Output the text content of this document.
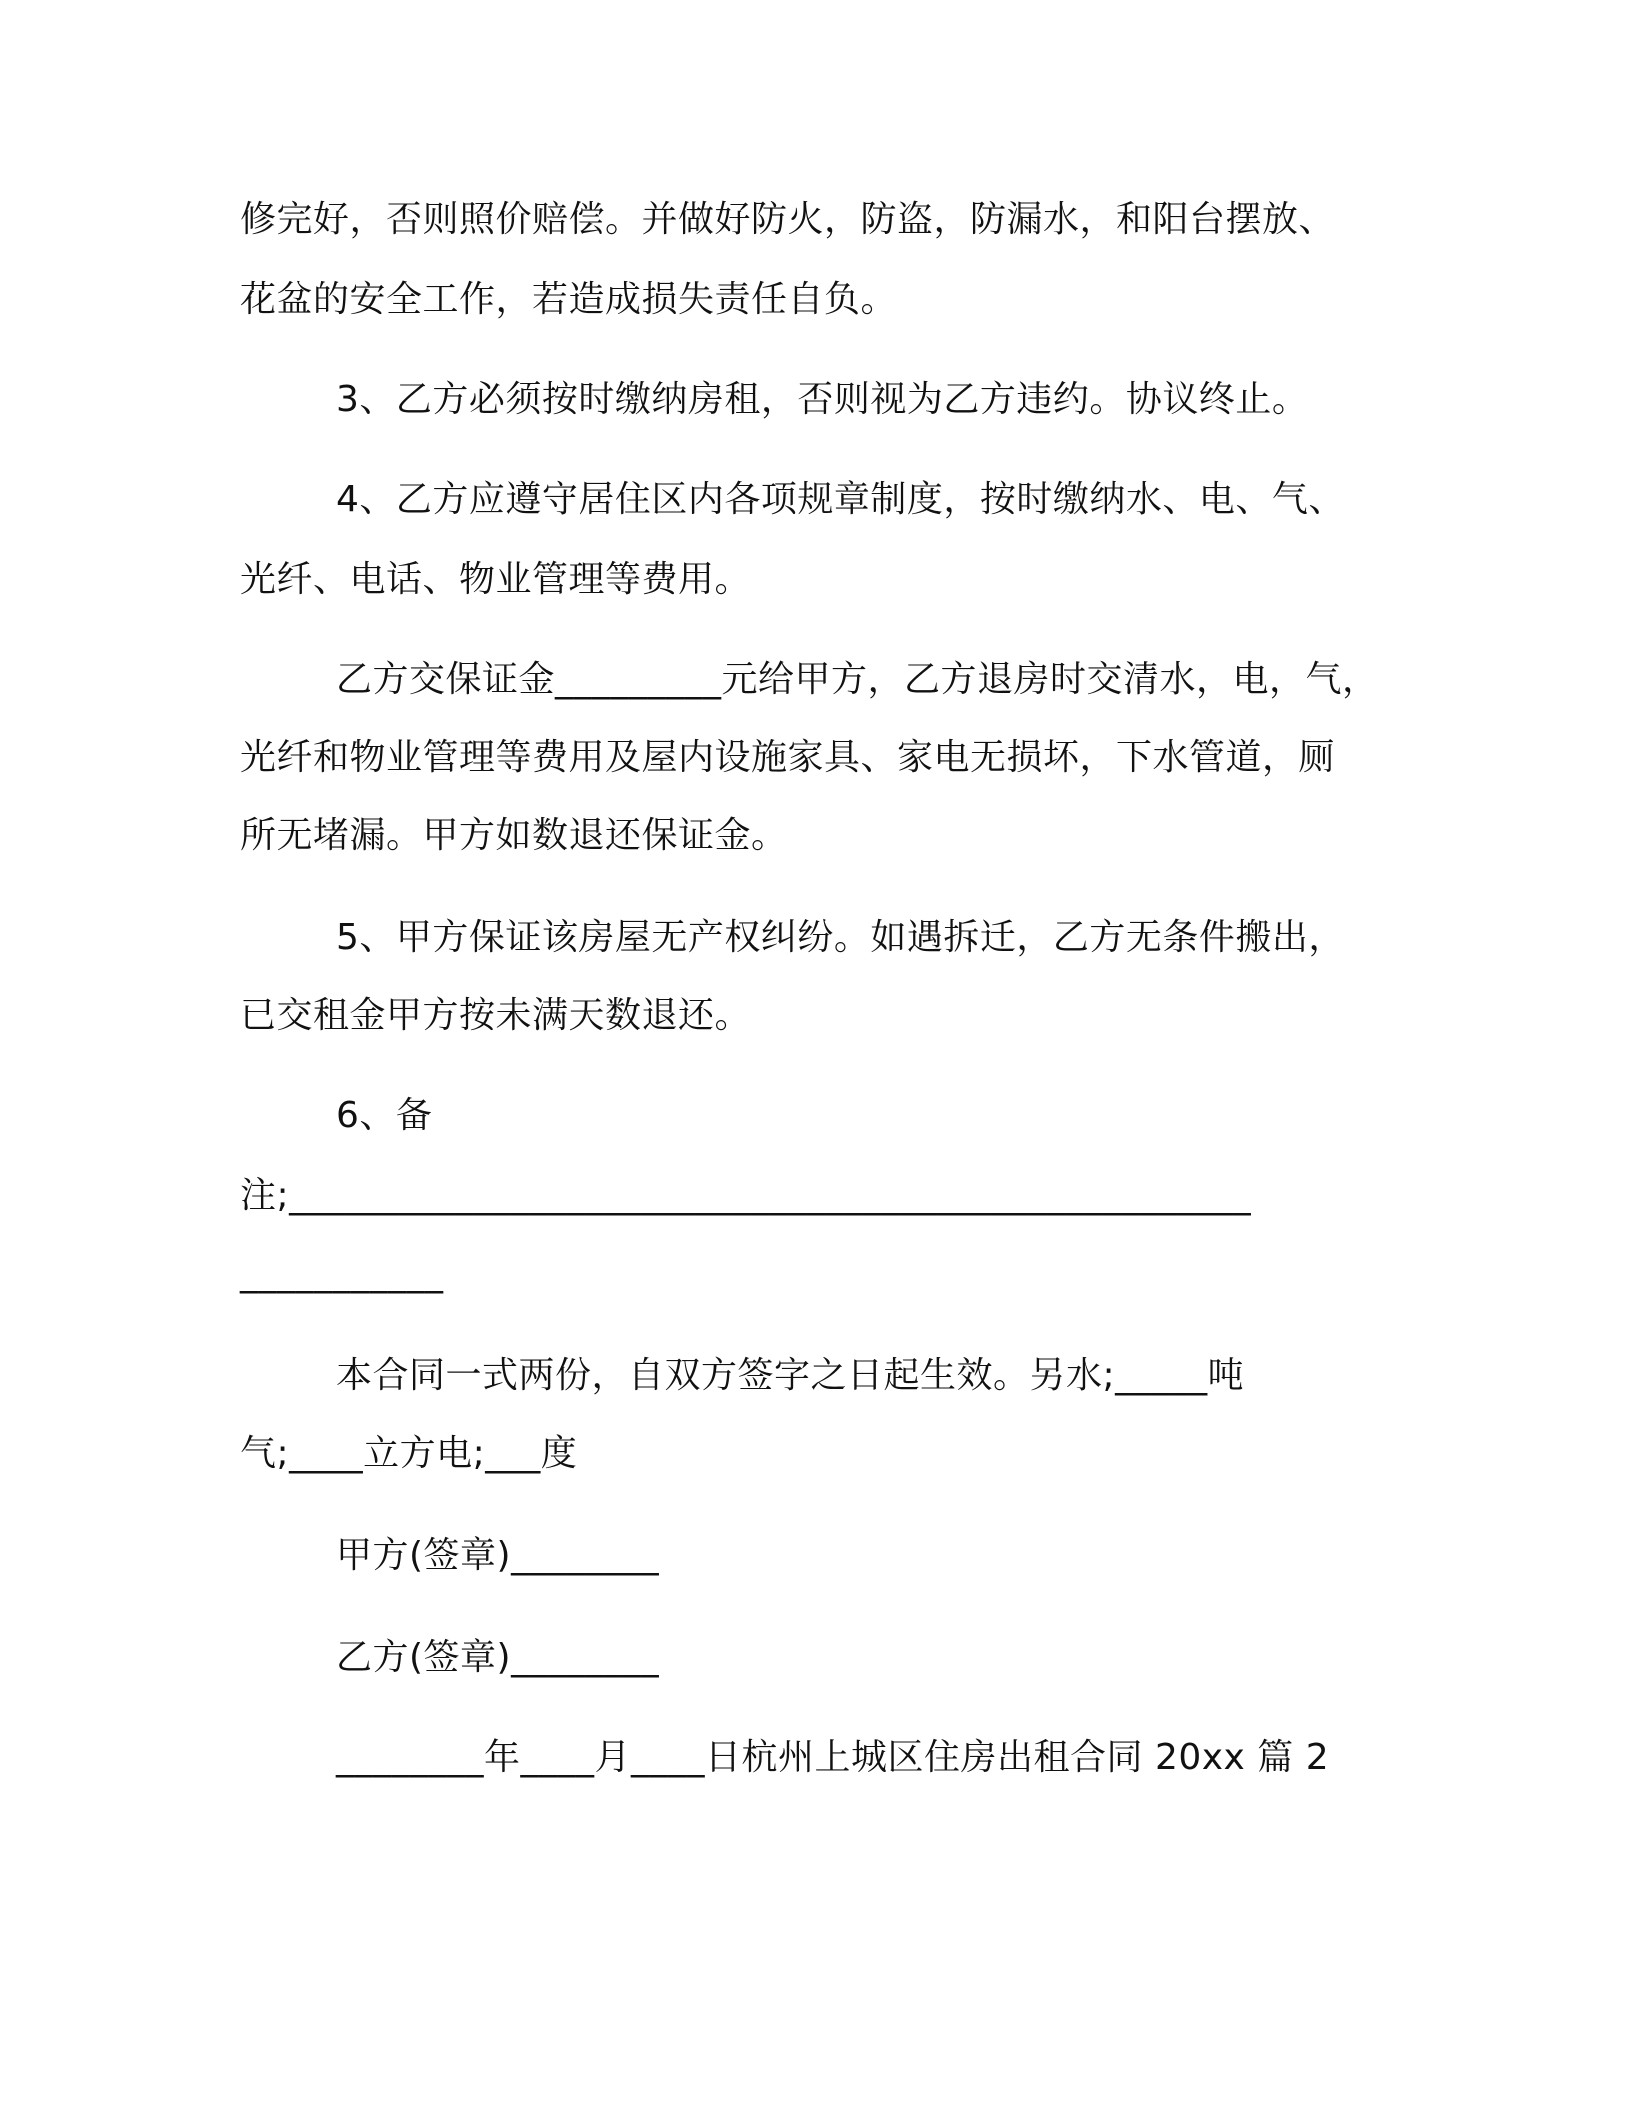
修完好，否则照价赔偿。并做好防火，防盗，防漏水，和阳台摆放、
花盆的安全工作，若造成损失责任自负。
3、乙方必须按时缴纳房租，否则视为乙方违约。协议终止。
4、乙方应遵守居住区内各项规章制度，按时缴纳水、电、气、
光纤、电话、物业管理等费用。
乙方交保证金_________元给甲方，乙方退房时交清水，电，气，
光纤和物业管理等费用及屋内设施家具、家电无损坏，下水管道，厕
所无堵漏。甲方如数退还保证金。
5、甲方保证该房屋无产权纠纷。如遇拆迁，乙方无条件搬出，
已交租金甲方按未满天数退还。
6、备
注;____________________________________________________
___________
本合同一式两份，自双方签字之日起生效。另水;_____吨
气;____立方电;___度
甲方(签章)________
乙方(签章)________
________年____月____日杭州上城区住房出租合同 20xx 篇 2
